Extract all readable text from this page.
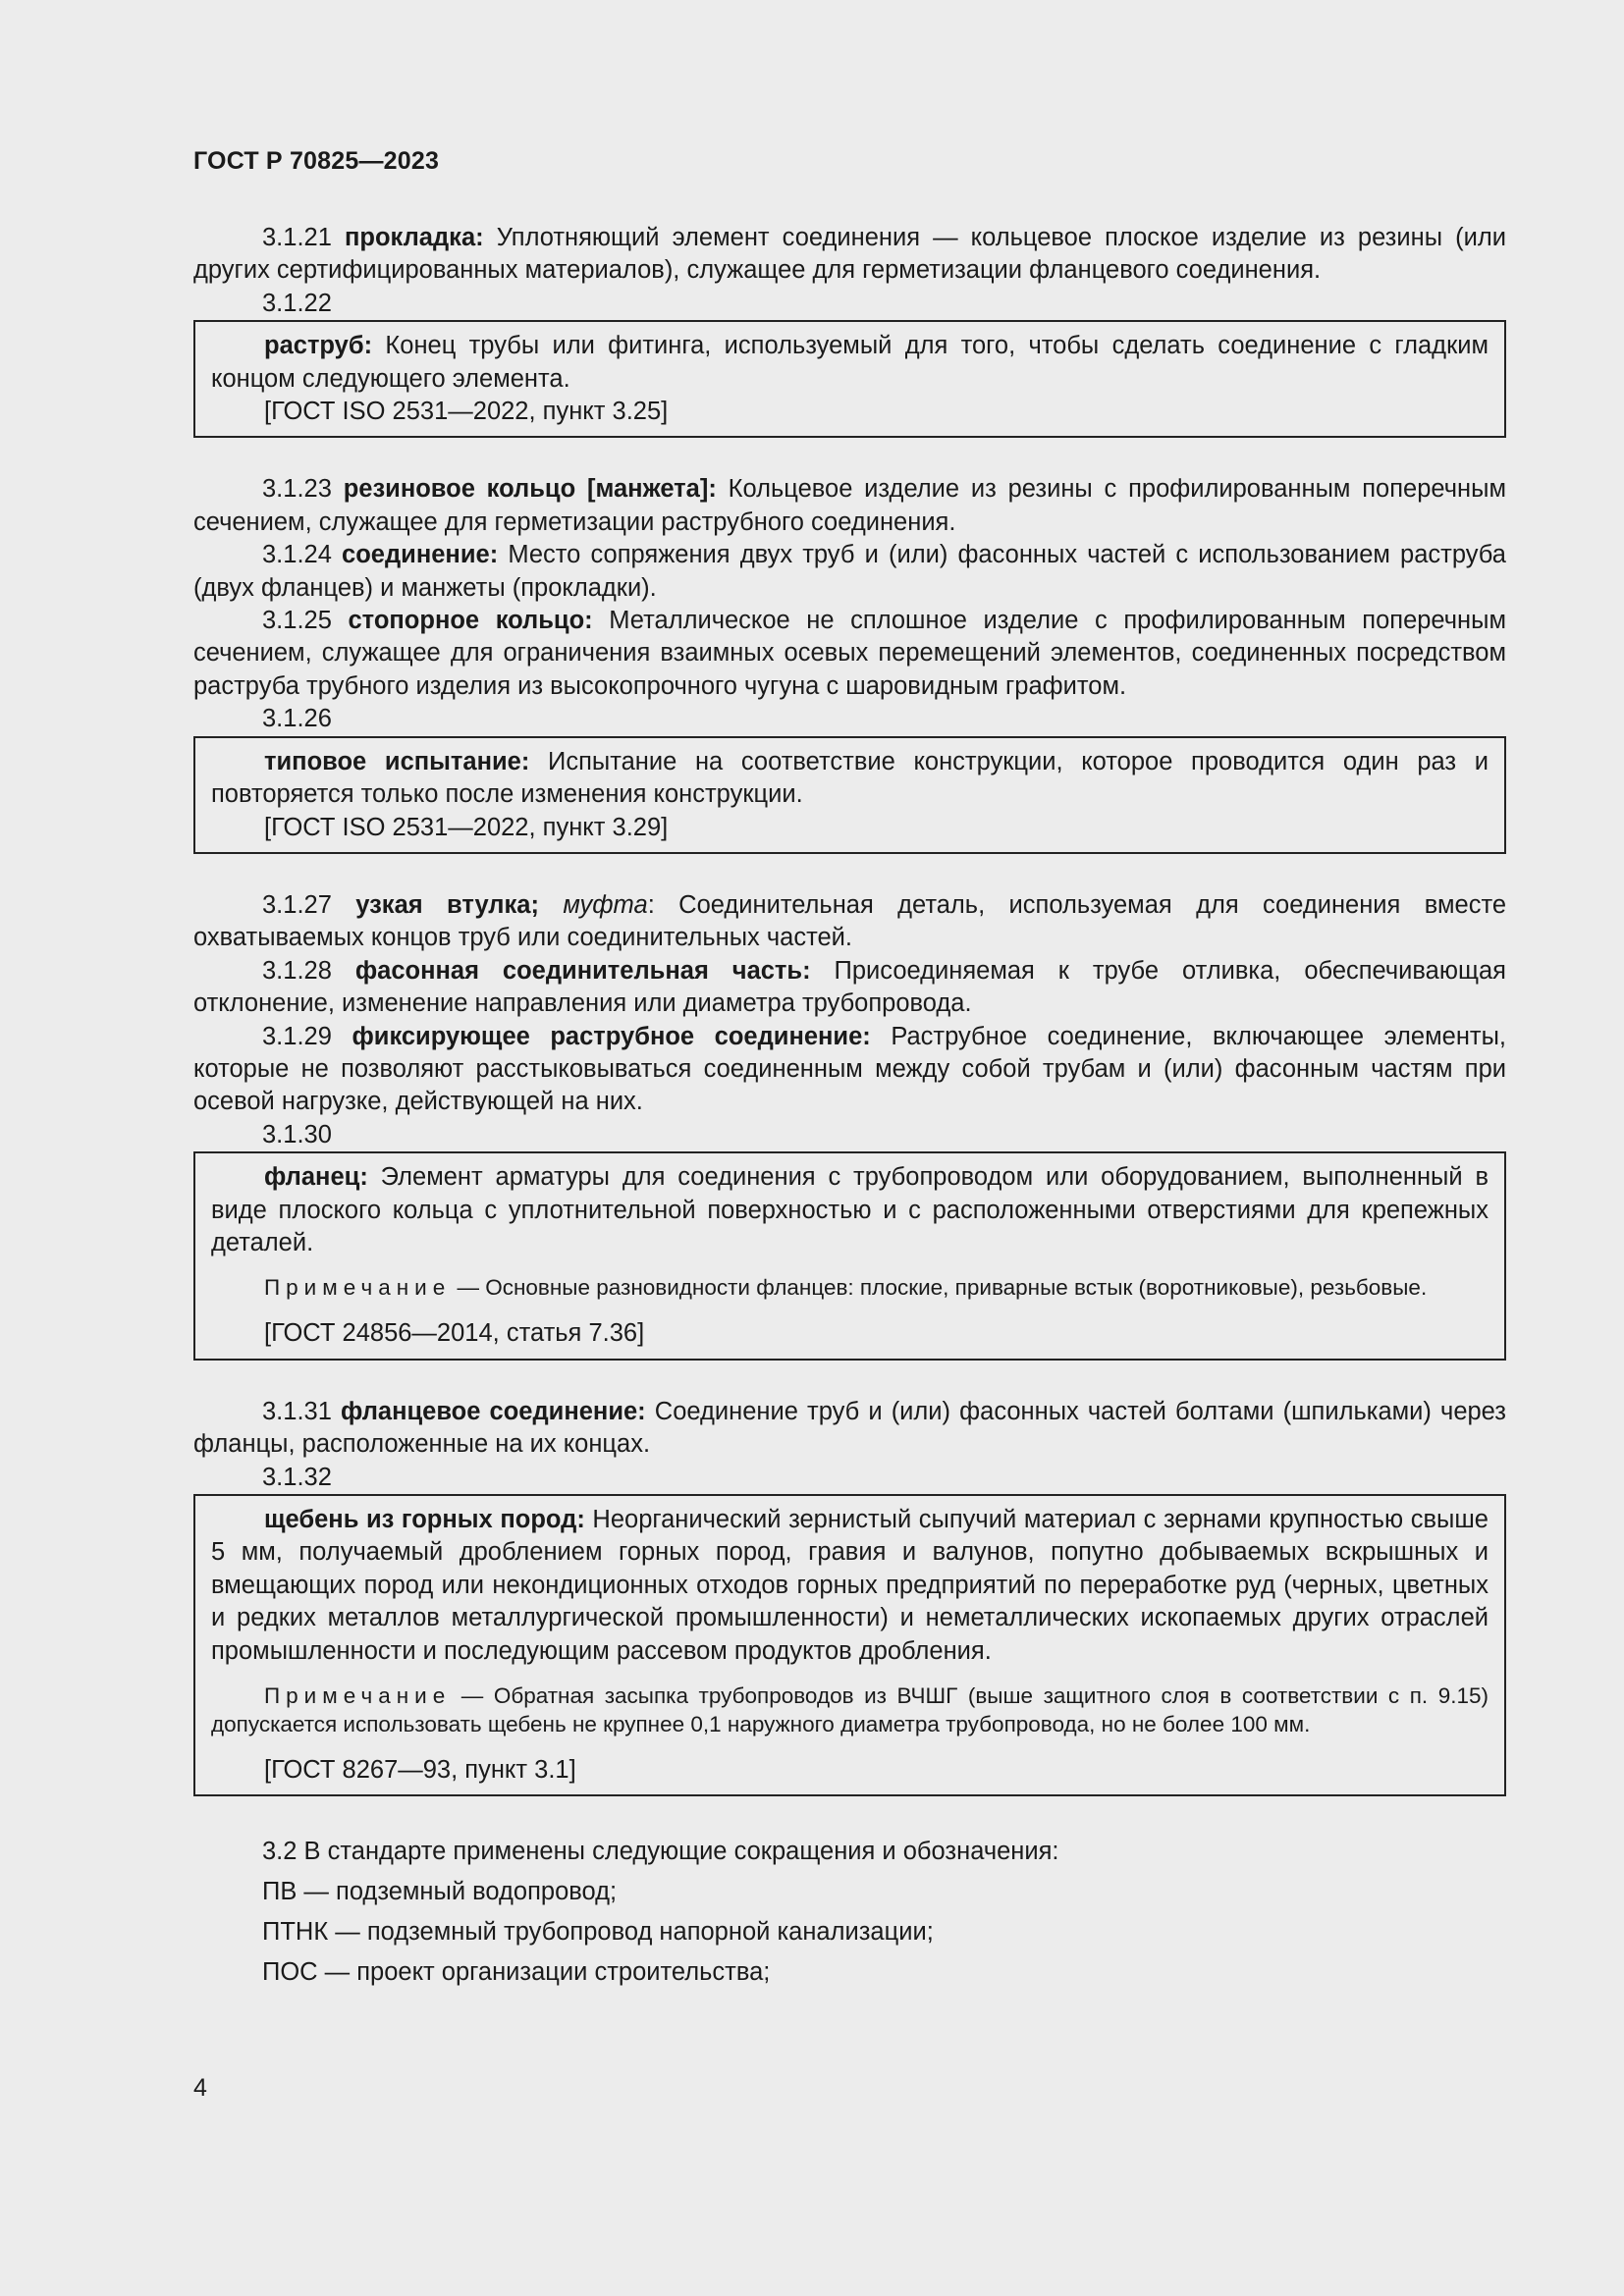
ГОСТ Р 70825—2023

3.1.21 прокладка: Уплотняющий элемент соединения — кольцевое плоское изделие из резины (или других сертифицированных материалов), служащее для герметизации фланцевого соединения.

3.1.22

раструб: Конец трубы или фитинга, используемый для того, чтобы сделать соединение с гладким концом следующего элемента.

[ГОСТ ISO 2531—2022, пункт 3.25]

3.1.23 резиновое кольцо [манжета]: Кольцевое изделие из резины с профилированным поперечным сечением, служащее для герметизации раструбного соединения.

3.1.24 соединение: Место сопряжения двух труб и (или) фасонных частей с использованием раструба (двух фланцев) и манжеты (прокладки).

3.1.25 стопорное кольцо: Металлическое не сплошное изделие с профилированным поперечным сечением, служащее для ограничения взаимных осевых перемещений элементов, соединенных посредством раструба трубного изделия из высокопрочного чугуна с шаровидным графитом.

3.1.26

типовое испытание: Испытание на соответствие конструкции, которое проводится один раз и повторяется только после изменения конструкции.

[ГОСТ ISO 2531—2022, пункт 3.29]

3.1.27 узкая втулка; муфта: Соединительная деталь, используемая для соединения вместе охватываемых концов труб или соединительных частей.

3.1.28 фасонная соединительная часть: Присоединяемая к трубе отливка, обеспечивающая отклонение, изменение направления или диаметра трубопровода.

3.1.29 фиксирующее раструбное соединение: Раструбное соединение, включающее элементы, которые не позволяют расстыковываться соединенным между собой трубам и (или) фасонным частям при осевой нагрузке, действующей на них.

3.1.30

фланец: Элемент арматуры для соединения с трубопроводом или оборудованием, выполненный в виде плоского кольца с уплотнительной поверхностью и с расположенными отверстиями для крепежных деталей.

Примечание — Основные разновидности фланцев: плоские, приварные встык (воротниковые), резьбовые.

[ГОСТ 24856—2014, статья 7.36]

3.1.31 фланцевое соединение: Соединение труб и (или) фасонных частей болтами (шпильками) через фланцы, расположенные на их концах.

3.1.32

щебень из горных пород: Неорганический зернистый сыпучий материал с зернами крупностью свыше 5 мм, получаемый дроблением горных пород, гравия и валунов, попутно добываемых вскрышных и вмещающих пород или некондиционных отходов горных предприятий по переработке руд (черных, цветных и редких металлов металлургической промышленности) и неметаллических ископаемых других отраслей промышленности и последующим рассевом продуктов дробления.

Примечание — Обратная засыпка трубопроводов из ВЧШГ (выше защитного слоя в соответствии с п. 9.15) допускается использовать щебень не крупнее 0,1 наружного диаметра трубопровода, но не более 100 мм.

[ГОСТ 8267—93, пункт 3.1]

3.2 В стандарте применены следующие сокращения и обозначения:

ПВ — подземный водопровод;

ПТНК — подземный трубопровод напорной канализации;

ПОС — проект организации строительства;

4
